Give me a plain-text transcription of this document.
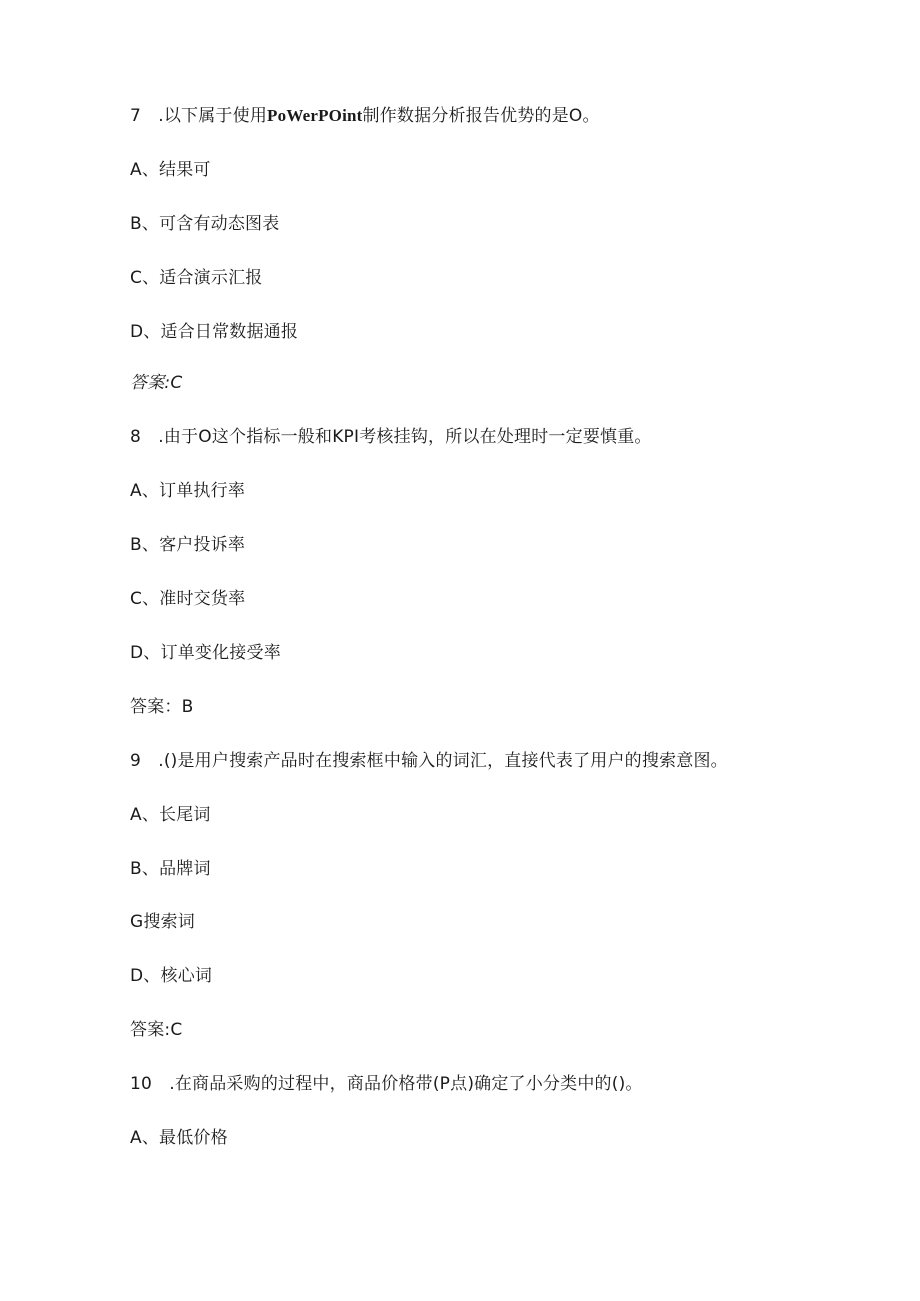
7　.以下属于使用PoWerPOint制作数据分析报告优势的是O。
A、结果可
B、可含有动态图表
C、适合演示汇报
D、适合日常数据通报
答案:C
8　.由于O这个指标一般和KPI考核挂钩，所以在处理时一定要慎重。
A、订单执行率
B、客户投诉率
C、准时交货率
D、订单变化接受率
答案：B
9　.()是用户搜索产品时在搜索框中输入的词汇，直接代表了用户的搜索意图。
A、长尾词
B、品牌词
G搜索词
D、核心词
答案:C
10　.在商品采购的过程中，商品价格带(P点)确定了小分类中的()。
A、最低价格
